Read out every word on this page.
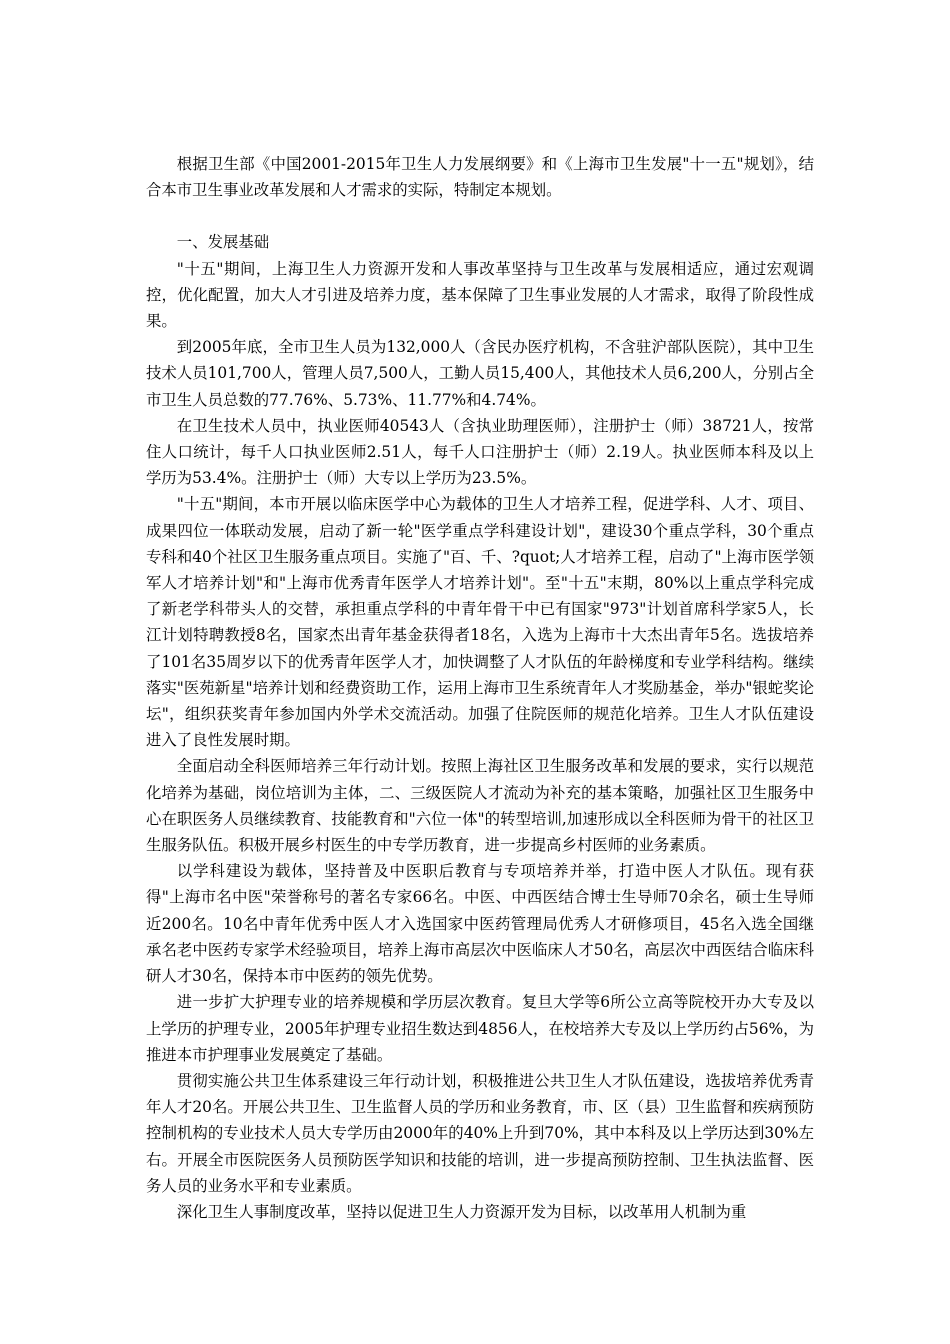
根据卫生部《中国2001-2015年卫生人力发展纲要》和《上海市卫生发展"十一五"规划》，结合本市卫生事业改革发展和人才需求的实际，特制定本规划。

一、发展基础

"十五"期间，上海卫生人力资源开发和人事改革坚持与卫生改革与发展相适应，通过宏观调控，优化配置，加大人才引进及培养力度，基本保障了卫生事业发展的人才需求，取得了阶段性成果。

到2005年底，全市卫生人员为132,000人（含民办医疗机构，不含驻沪部队医院），其中卫生技术人员101,700人，管理人员7,500人，工勤人员15,400人，其他技术人员6,200人，分别占全市卫生人员总数的77.76%、5.73%、11.77%和4.74%。

在卫生技术人员中，执业医师40543人（含执业助理医师），注册护士（师）38721人，按常住人口统计，每千人口执业医师2.51人，每千人口注册护士（师）2.19人。执业医师本科及以上学历为53.4%。注册护士（师）大专以上学历为23.5%。

"十五"期间，本市开展以临床医学中心为载体的卫生人才培养工程，促进学科、人才、项目、成果四位一体联动发展，启动了新一轮"医学重点学科建设计划"，建设30个重点学科，30个重点专科和40个社区卫生服务重点项目。实施了"百、千、?quot;人才培养工程，启动了"上海市医学领军人才培养计划"和"上海市优秀青年医学人才培养计划"。至"十五"末期，80%以上重点学科完成了新老学科带头人的交替，承担重点学科的中青年骨干中已有国家"973"计划首席科学家5人，长江计划特聘教授8名，国家杰出青年基金获得者18名，入选为上海市十大杰出青年5名。选拔培养了101名35周岁以下的优秀青年医学人才，加快调整了人才队伍的年龄梯度和专业学科结构。继续落实"医苑新星"培养计划和经费资助工作，运用上海市卫生系统青年人才奖励基金，举办"银蛇奖论坛"，组织获奖青年参加国内外学术交流活动。加强了住院医师的规范化培养。卫生人才队伍建设进入了良性发展时期。

全面启动全科医师培养三年行动计划。按照上海社区卫生服务改革和发展的要求，实行以规范化培养为基础，岗位培训为主体，二、三级医院人才流动为补充的基本策略，加强社区卫生服务中心在职医务人员继续教育、技能教育和"六位一体"的转型培训,加速形成以全科医师为骨干的社区卫生服务队伍。积极开展乡村医生的中专学历教育，进一步提高乡村医师的业务素质。

以学科建设为载体，坚持普及中医职后教育与专项培养并举，打造中医人才队伍。现有获得"上海市名中医"荣誉称号的著名专家66名。中医、中西医结合博士生导师70余名，硕士生导师近200名。10名中青年优秀中医人才入选国家中医药管理局优秀人才研修项目，45名入选全国继承名老中医药专家学术经验项目，培养上海市高层次中医临床人才50名，高层次中西医结合临床科研人才30名，保持本市中医药的领先优势。

进一步扩大护理专业的培养规模和学历层次教育。复旦大学等6所公立高等院校开办大专及以上学历的护理专业，2005年护理专业招生数达到4856人，在校培养大专及以上学历约占56%，为推进本市护理事业发展奠定了基础。

贯彻实施公共卫生体系建设三年行动计划，积极推进公共卫生人才队伍建设，选拔培养优秀青年人才20名。开展公共卫生、卫生监督人员的学历和业务教育，市、区（县）卫生监督和疾病预防控制机构的专业技术人员大专学历由2000年的40%上升到70%，其中本科及以上学历达到30%左右。开展全市医院医务人员预防医学知识和技能的培训，进一步提高预防控制、卫生执法监督、医务人员的业务水平和专业素质。

深化卫生人事制度改革，坚持以促进卫生人力资源开发为目标，以改革用人机制为重
